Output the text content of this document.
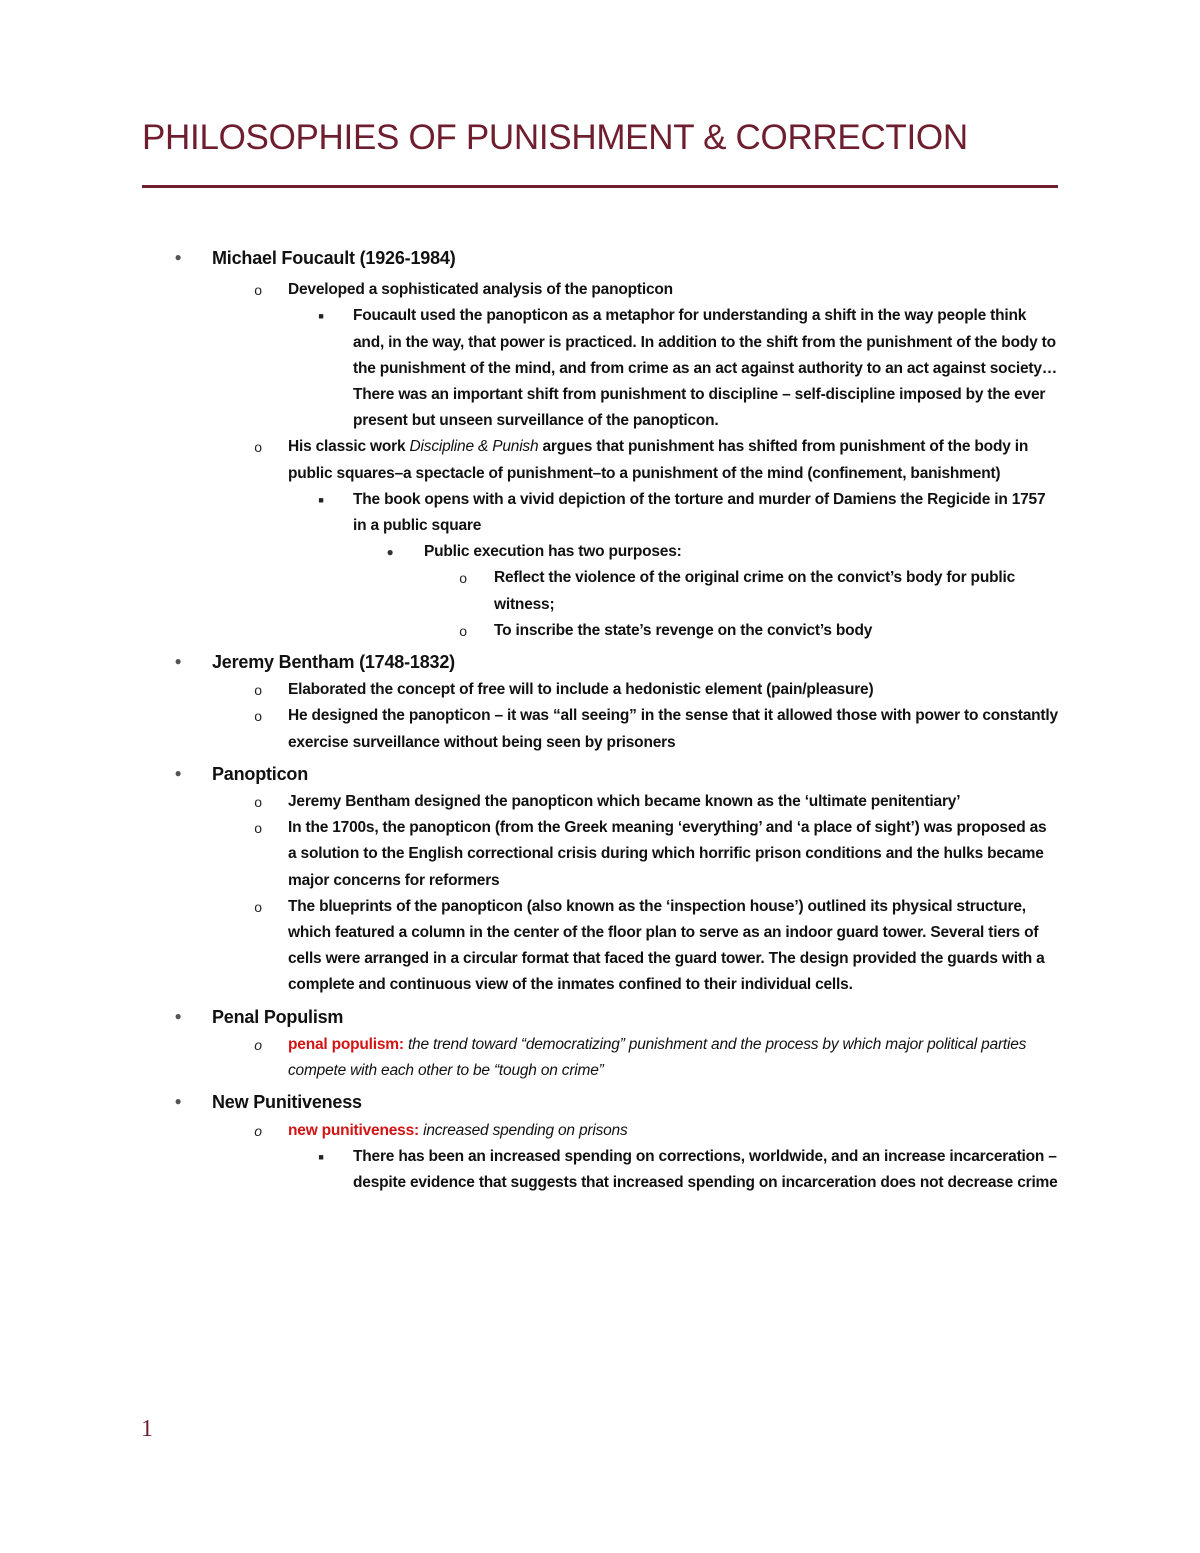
PHILOSOPHIES OF PUNISHMENT & CORRECTION
● Michael Foucault (1926-1984)
o Developed a sophisticated analysis of the panopticon
■	Foucault used the panopticon as a metaphor for understanding a shift in the way people think and, in the way, that power is practiced. In addition to the shift from the punishment of the body to the punishment of the mind, and from crime as an act against authority to an act against society… There was an important shift from punishment to discipline – self-discipline imposed by the ever present but unseen surveillance of the panopticon.
o His classic work Discipline & Punish argues that punishment has shifted from punishment of the body in public squares–a spectacle of punishment–to a punishment of the mind (confinement, banishment)
■	The book opens with a vivid depiction of the torture and murder of Damiens the Regicide in 1757 in a public square
● Public execution has two purposes:
o Reflect the violence of the original crime on the convict’s body for public witness;
o To inscribe the state’s revenge on the convict’s body
● Jeremy Bentham (1748-1832)
o Elaborated the concept of free will to include a hedonistic element (pain/pleasure)
o He designed the panopticon – it was “all seeing” in the sense that it allowed those with power to constantly exercise surveillance without being seen by prisoners
● Panopticon
o Jeremy Bentham designed the panopticon which became known as the ‘ultimate penitentiary’
o In the 1700s, the panopticon (from the Greek meaning ‘everything’ and ‘a place of sight’) was proposed as a solution to the English correctional crisis during which horrific prison conditions and the hulks became major concerns for reformers
o The blueprints of the panopticon (also known as the ‘inspection house’) outlined its physical structure, which featured a column in the center of the floor plan to serve as an indoor guard tower. Several tiers of cells were arranged in a circular format that faced the guard tower. The design provided the guards with a complete and continuous view of the inmates confined to their individual cells.
● Penal Populism
o penal populism: the trend toward “democratizing” punishment and the process by which major political parties compete with each other to be “tough on crime”
● New Punitiveness
o new punitiveness: increased spending on prisons
■	There has been an increased spending on corrections, worldwide, and an increase incarceration – despite evidence that suggests that increased spending on incarceration does not decrease crime
1
